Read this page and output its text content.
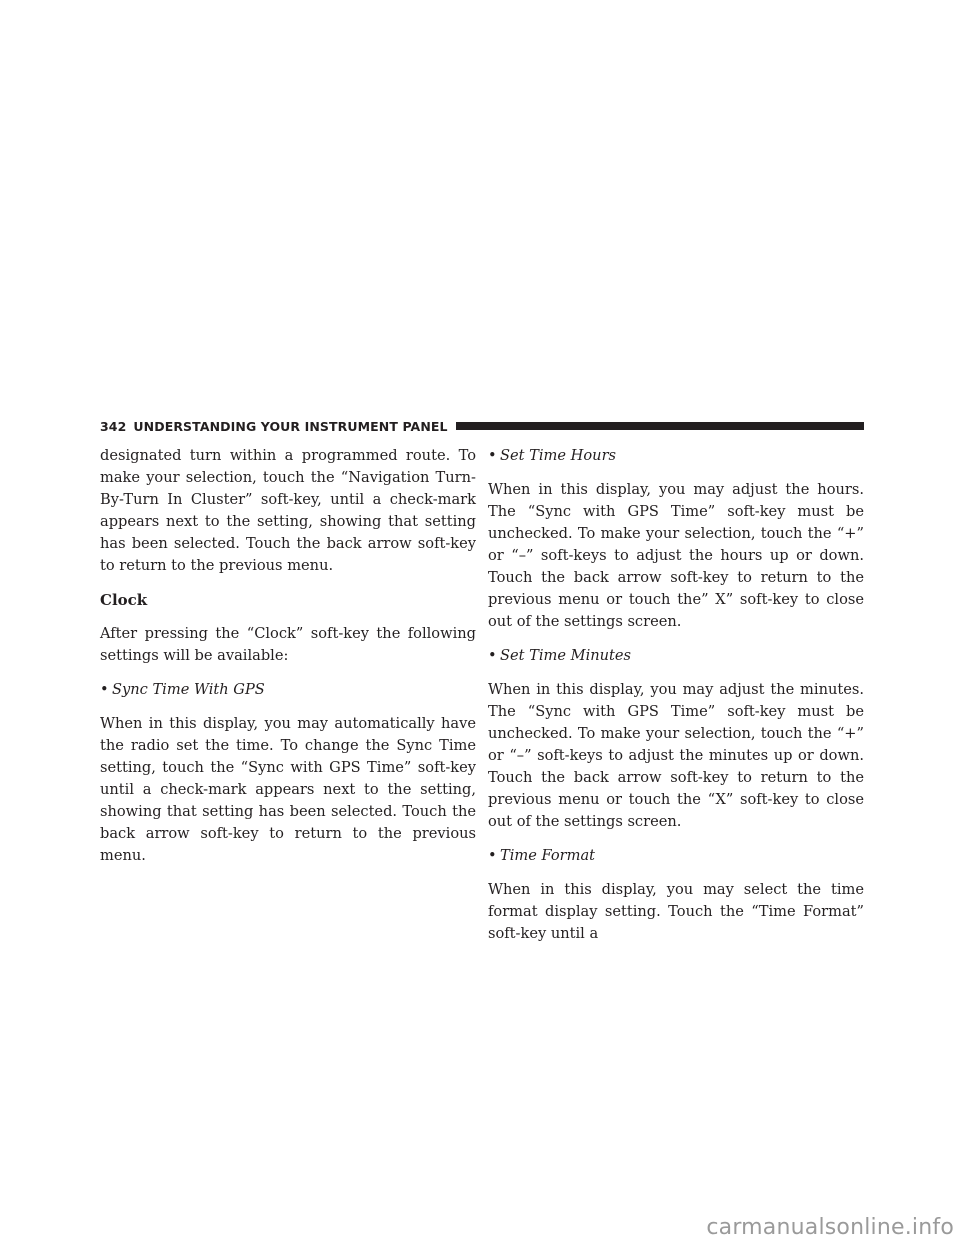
342 UNDERSTANDING YOUR INSTRUMENT PANEL

designated turn within a programmed route. To make your selection, touch the “Navigation Turn-By-Turn In Cluster” soft-key, until a check-mark appears next to the setting, showing that setting has been selected. Touch the back arrow soft-key to return to the previous menu.

Clock

After pressing the “Clock” soft-key the following settings will be available:

• Sync Time With GPS

When in this display, you may automatically have the radio set the time. To change the Sync Time setting, touch the “Sync with GPS Time” soft-key until a check-mark appears next to the setting, showing that setting has been selected. Touch the back arrow soft-key to return to the previous menu.

• Set Time Hours

When in this display, you may adjust the hours. The “Sync with GPS Time” soft-key must be unchecked. To make your selection, touch the “+” or “–” soft-keys to adjust the hours up or down. Touch the back arrow soft-key to return to the previous menu or touch the” X” soft-key to close out of the settings screen.

• Set Time Minutes

When in this display, you may adjust the minutes. The “Sync with GPS Time” soft-key must be unchecked. To make your selection, touch the “+” or “–” soft-keys to adjust the minutes up or down. Touch the back arrow soft-key to return to the previous menu or touch the “X” soft-key to close out of the settings screen.

• Time Format

When in this display, you may select the time format display setting. Touch the “Time Format” soft-key until a

carmanualsonline.info
